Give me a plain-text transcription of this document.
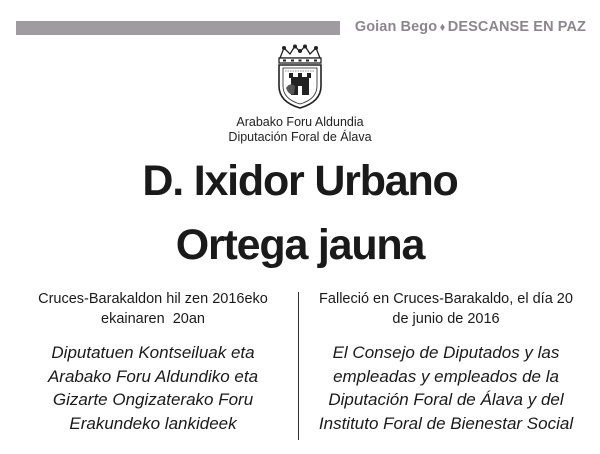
Goian Bego ⬧ DESCANSE EN PAZ
Arabako Foru Aldundia
Diputación Foral de Álava
D. Ixidor Urbano
Ortega jauna
Cruces-Barakaldon hil zen 2016eko
ekainaren  20an
Diputatuen Kontseiluak eta
Arabako Foru Aldundiko eta
Gizarte Ongizaterako Foru
Erakundeko lankideek
Falleció en Cruces-Barakaldo, el día 20
de junio de 2016
El Consejo de Diputados y las
empleadas y empleados de la
Diputación Foral de Álava y del
Instituto Foral de Bienestar Social
